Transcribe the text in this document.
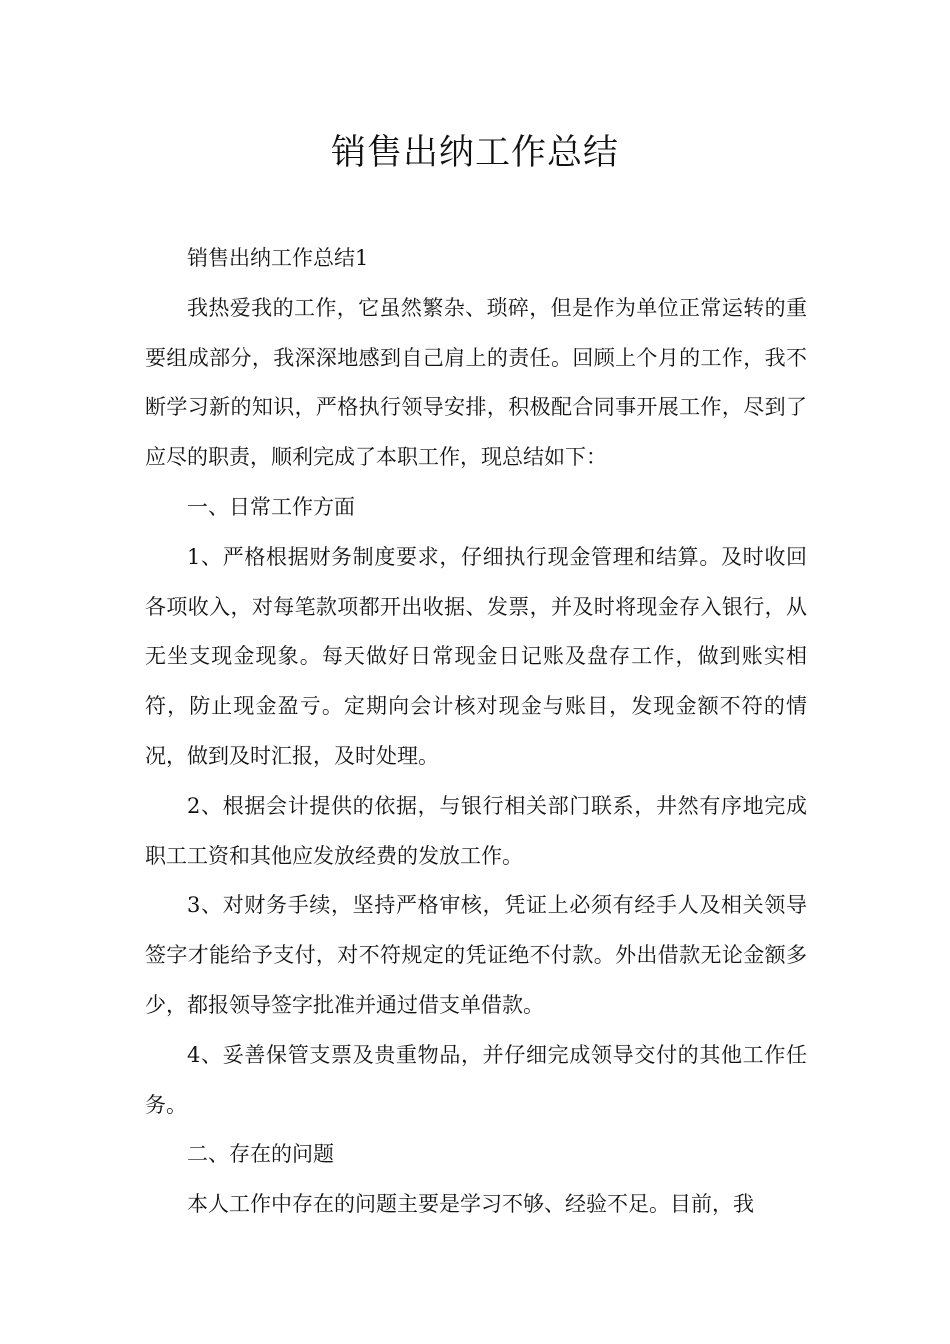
销售出纳工作总结

销售出纳工作总结1

我热爱我的工作，它虽然繁杂、琐碎，但是作为单位正常运转的重要组成部分，我深深地感到自己肩上的责任。回顾上个月的工作，我不断学习新的知识，严格执行领导安排，积极配合同事开展工作，尽到了应尽的职责，顺利完成了本职工作，现总结如下：

一、日常工作方面

1、严格根据财务制度要求，仔细执行现金管理和结算。及时收回各项收入，对每笔款项都开出收据、发票，并及时将现金存入银行，从无坐支现金现象。每天做好日常现金日记账及盘存工作，做到账实相符，防止现金盈亏。定期向会计核对现金与账目，发现金额不符的情况，做到及时汇报，及时处理。

2、根据会计提供的依据，与银行相关部门联系，井然有序地完成职工工资和其他应发放经费的发放工作。

3、对财务手续，坚持严格审核，凭证上必须有经手人及相关领导签字才能给予支付，对不符规定的凭证绝不付款。外出借款无论金额多少，都报领导签字批准并通过借支单借款。

4、妥善保管支票及贵重物品，并仔细完成领导交付的其他工作任务。

二、存在的问题

本人工作中存在的问题主要是学习不够、经验不足。目前，我
